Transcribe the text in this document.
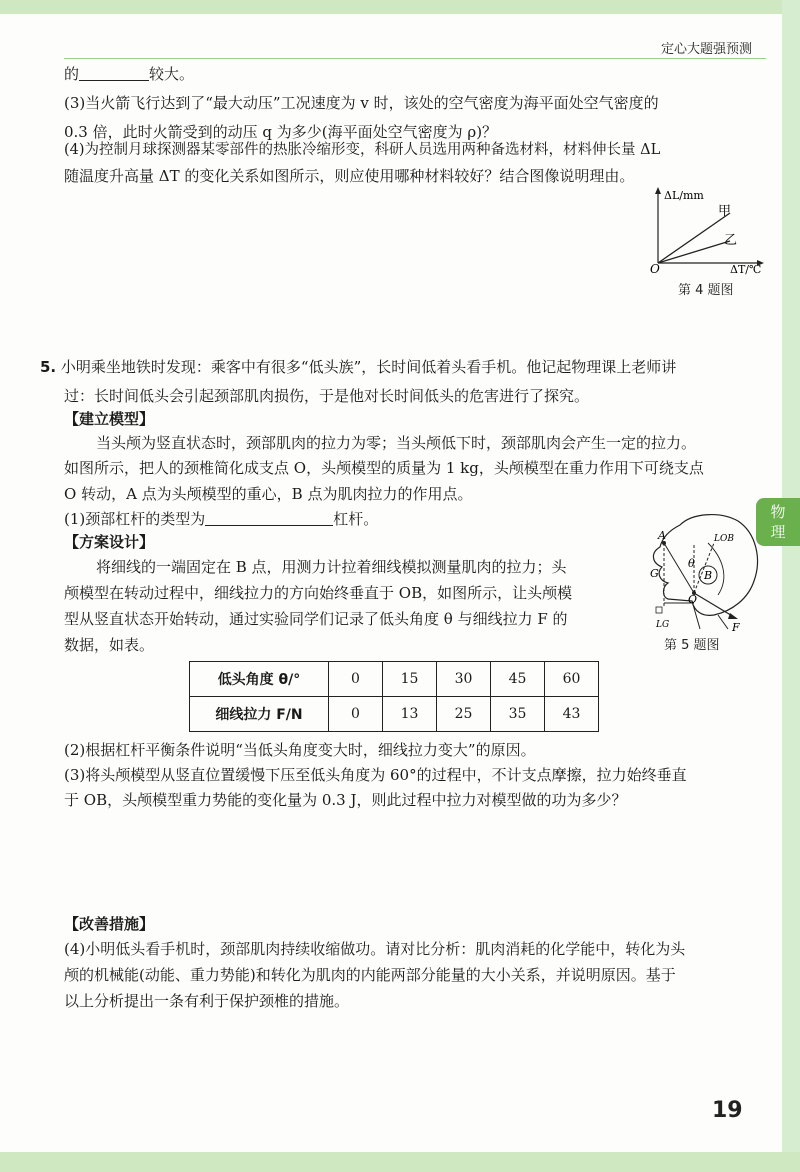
定心大题强预测
物
理
的	较大。
(3)当火箭飞行达到了“最大动压”工况速度为 v 时，该处的空气密度为海平面处空气密度的
0.3 倍，此时火箭受到的动压 q 为多少(海平面处空气密度为 ρ)？
(4)为控制月球探测器某零部件的热胀冷缩形变，科研人员选用两种备选材料，材料伸长量 ΔL
随温度升高量 ΔT 的变化关系如图所示，则应使用哪种材料较好？结合图像说明理由。
ΔL/mm
甲
乙
O	ΔT/℃
第 4 题图
5. 小明乘坐地铁时发现：乘客中有很多“低头族”，长时间低着头看手机。他记起物理课上老师讲
过：长时间低头会引起颈部肌肉损伤，于是他对长时间低头的危害进行了探究。
【建立模型】
当头颅为竖直状态时，颈部肌肉的拉力为零；当头颅低下时，颈部肌肉会产生一定的拉力。
如图所示，把人的颈椎简化成支点 O，头颅模型的质量为 1 kg，头颅模型在重力作用下可绕支点
O 转动，A 点为头颅模型的重心，B 点为肌肉拉力的作用点。
(1)颈部杠杆的类型为	杠杆。
【方案设计】
将细线的一端固定在 B 点，用测力计拉着细线模拟测量肌肉的拉力；头
颅模型在转动过程中，细线拉力的方向始终垂直于 OB，如图所示，让头颅模
型从竖直状态开始转动，通过实验同学们记录了低头角度 θ 与细线拉力 F 的
数据，如表。
A
G
θ
B
O
LOB
LG	F
第 5 题图
低头角度 θ/°	0	15	30	45	60
细线拉力 F/N	0	13	25	35	43
(2)根据杠杆平衡条件说明“当低头角度变大时，细线拉力变大”的原因。
(3)将头颅模型从竖直位置缓慢下压至低头角度为 60°的过程中，不计支点摩擦，拉力始终垂直
于 OB，头颅模型重力势能的变化量为 0.3 J，则此过程中拉力对模型做的功为多少？
【改善措施】
(4)小明低头看手机时，颈部肌肉持续收缩做功。请对比分析：肌肉消耗的化学能中，转化为头
颅的机械能(动能、重力势能)和转化为肌肉的内能两部分能量的大小关系，并说明原因。基于
以上分析提出一条有利于保护颈椎的措施。
19
